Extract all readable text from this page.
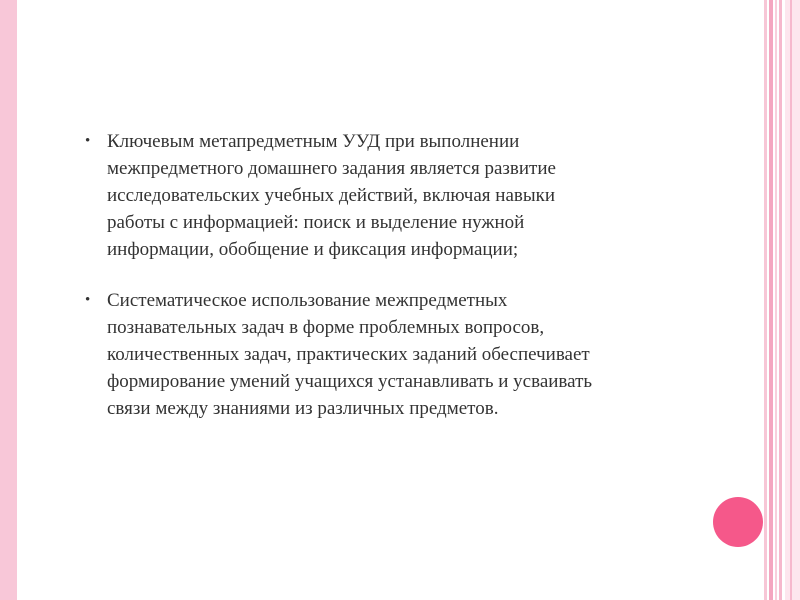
• Ключевым метапредметным УУД при выполнении
межпредметного домашнего задания является развитие
исследовательских учебных действий, включая навыки
работы с информацией: поиск и выделение нужной
информации, обобщение и фиксация информации;
• Систематическое использование межпредметных
познавательных задач в форме проблемных вопросов,
количественных задач, практических заданий обеспечивает
формирование умений учащихся устанавливать и усваивать
связи между знаниями из различных предметов.
